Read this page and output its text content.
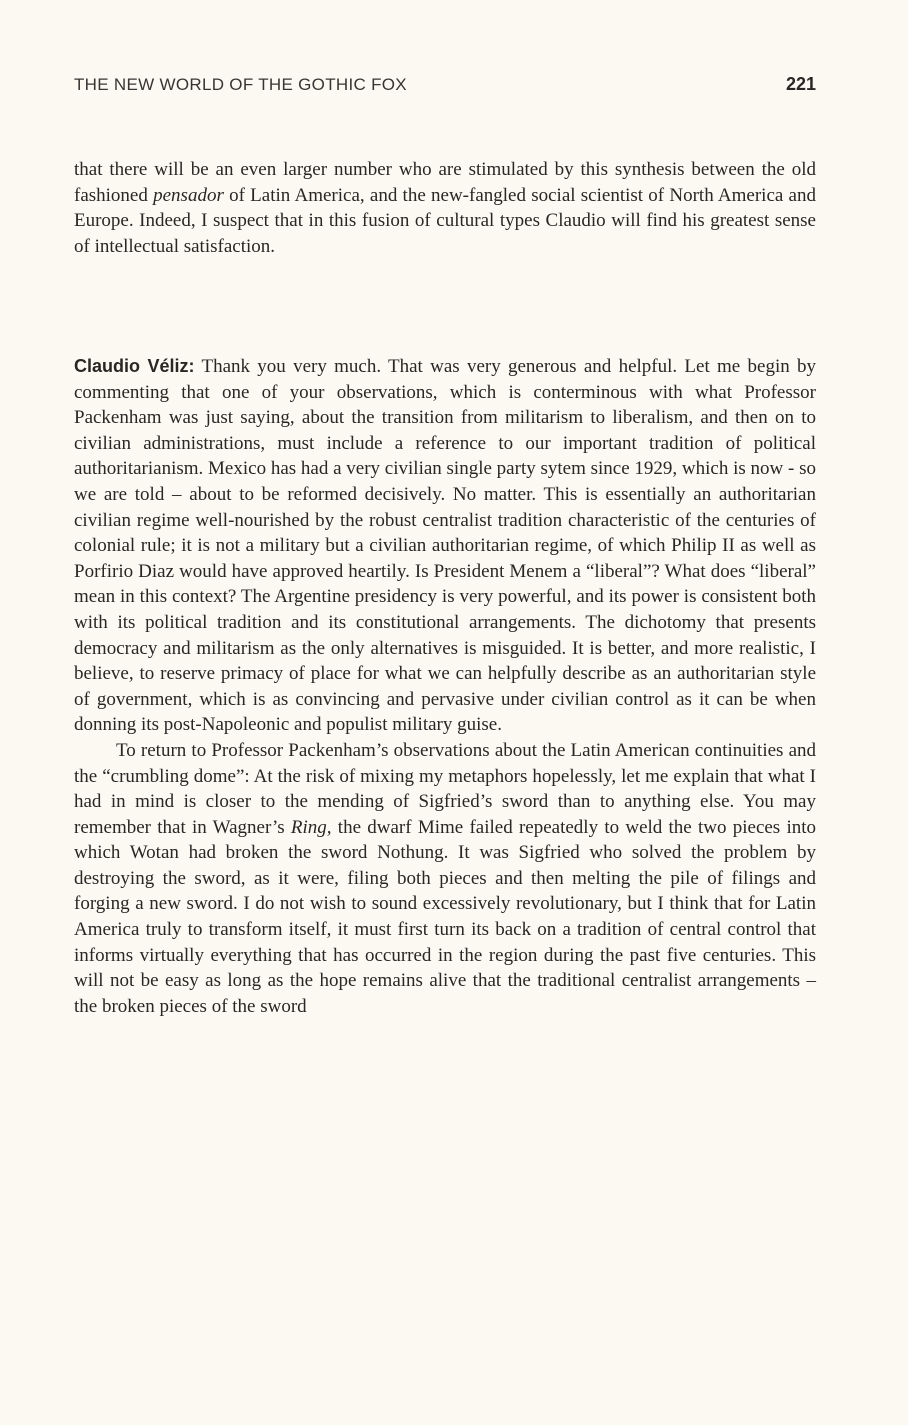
THE NEW WORLD OF THE GOTHIC FOX	221

that there will be an even larger number who are stimulated by this synthesis between the old fashioned pensador of Latin America, and the new-fangled social scientist of North America and Europe. Indeed, I suspect that in this fusion of cultural types Claudio will find his greatest sense of intellectual satisfaction.

Claudio Véliz: Thank you very much. That was very generous and helpful. Let me begin by commenting that one of your observations, which is conterminous with what Professor Packenham was just saying, about the transition from militarism to liberalism, and then on to civilian administrations, must include a reference to our important tradition of political authoritarianism. Mexico has had a very civilian single party sytem since 1929, which is now - so we are told – about to be reformed decisively. No matter. This is essentially an authoritarian civilian regime well-nourished by the robust centralist tradition characteristic of the centuries of colonial rule; it is not a military but a civilian authoritarian regime, of which Philip II as well as Porfirio Diaz would have approved heartily. Is President Menem a “liberal”? What does “liberal” mean in this context? The Argentine presidency is very powerful, and its power is consistent both with its political tradition and its constitutional arrangements. The dichotomy that presents democracy and militarism as the only alternatives is misguided. It is better, and more realistic, I believe, to reserve primacy of place for what we can helpfully describe as an authoritarian style of government, which is as convincing and pervasive under civilian control as it can be when donning its post-Napoleonic and populist military guise.

To return to Professor Packenham’s observations about the Latin American continuities and the “crumbling dome”: At the risk of mixing my metaphors hopelessly, let me explain that what I had in mind is closer to the mending of Sigfried’s sword than to anything else. You may remember that in Wagner’s Ring, the dwarf Mime failed repeatedly to weld the two pieces into which Wotan had broken the sword Nothung. It was Sigfried who solved the problem by destroying the sword, as it were, filing both pieces and then melting the pile of filings and forging a new sword. I do not wish to sound excessively revolutionary, but I think that for Latin America truly to transform itself, it must first turn its back on a tradition of central control that informs virtually everything that has occurred in the region during the past five centuries. This will not be easy as long as the hope remains alive that the traditional centralist arrangements – the broken pieces of the sword
